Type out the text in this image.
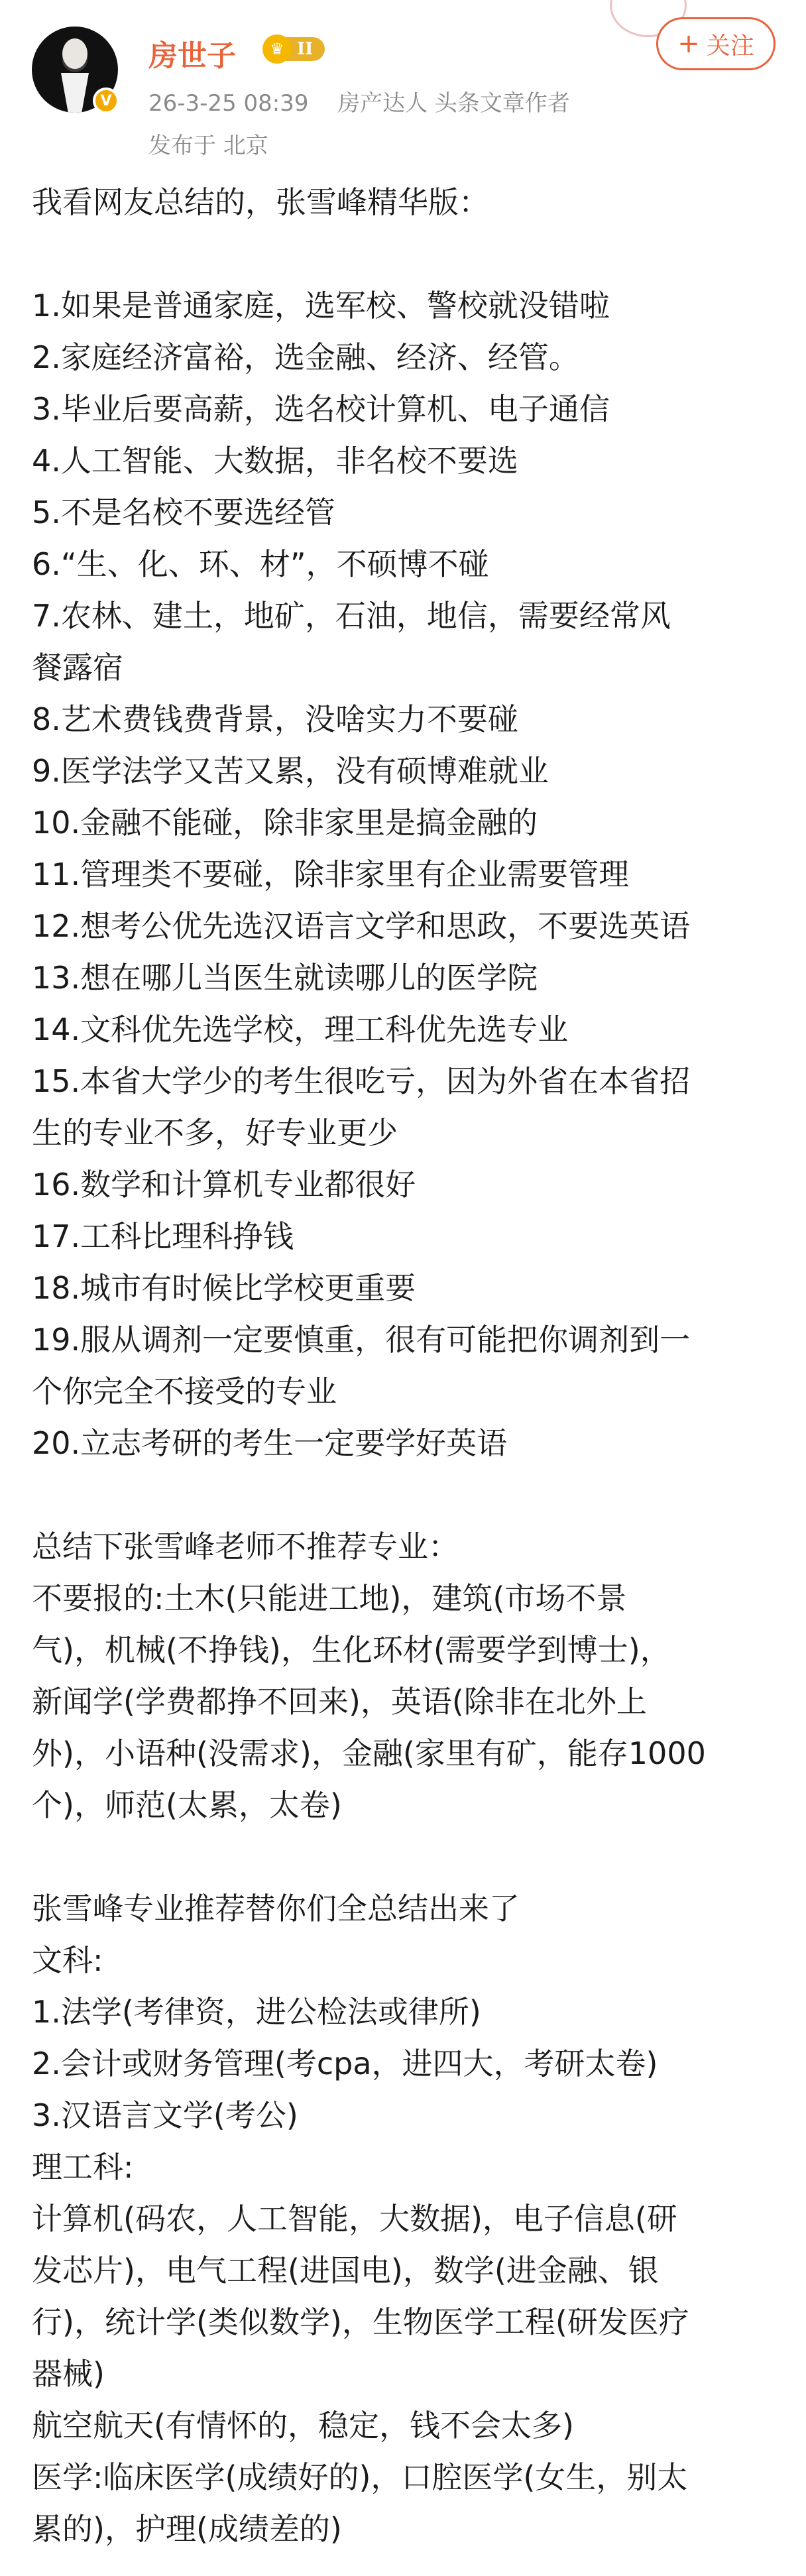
V
房世子	♛ II
26-3-25 08:39 房产达人 头条文章作者
发布于 北京
+ 关注
我看网友总结的，张雪峰精华版：
1.如果是普通家庭，选军校、警校就没错啦
2.家庭经济富裕，选金融、经济、经管。
3.毕业后要高薪，选名校计算机、电子通信
4.人工智能、大数据，非名校不要选
5.不是名校不要选经管
6.“生、化、环、材”，不硕博不碰
7.农林、建土，地矿，石油，地信，需要经常风
餐露宿
8.艺术费钱费背景，没啥实力不要碰
9.医学法学又苦又累，没有硕博难就业
10.金融不能碰，除非家里是搞金融的
11.管理类不要碰，除非家里有企业需要管理
12.想考公优先选汉语言文学和思政，不要选英语
13.想在哪儿当医生就读哪儿的医学院
14.文科优先选学校，理工科优先选专业
15.本省大学少的考生很吃亏，因为外省在本省招
生的专业不多，好专业更少
16.数学和计算机专业都很好
17.工科比理科挣钱
18.城市有时候比学校更重要
19.服从调剂一定要慎重，很有可能把你调剂到一
个你完全不接受的专业
20.立志考研的考生一定要学好英语
总结下张雪峰老师不推荐专业：
不要报的:土木(只能进工地)，建筑(市场不景
气)，机械(不挣钱)，生化环材(需要学到博士)，
新闻学(学费都挣不回来)，英语(除非在北外上
外)，小语种(没需求)，金融(家里有矿，能存1000
个)，师范(太累，太卷)
张雪峰专业推荐替你们全总结出来了
文科:
1.法学(考律资，进公检法或律所)
2.会计或财务管理(考cpa，进四大，考研太卷)
3.汉语言文学(考公)
理工科:
计算机(码农，人工智能，大数据)，电子信息(研
发芯片)，电气工程(进国电)，数学(进金融、银
行)，统计学(类似数学)，生物医学工程(研发医疗
器械)
航空航天(有情怀的，稳定，钱不会太多)
医学:临床医学(成绩好的)，口腔医学(女生，别太
累的)，护理(成绩差的)
